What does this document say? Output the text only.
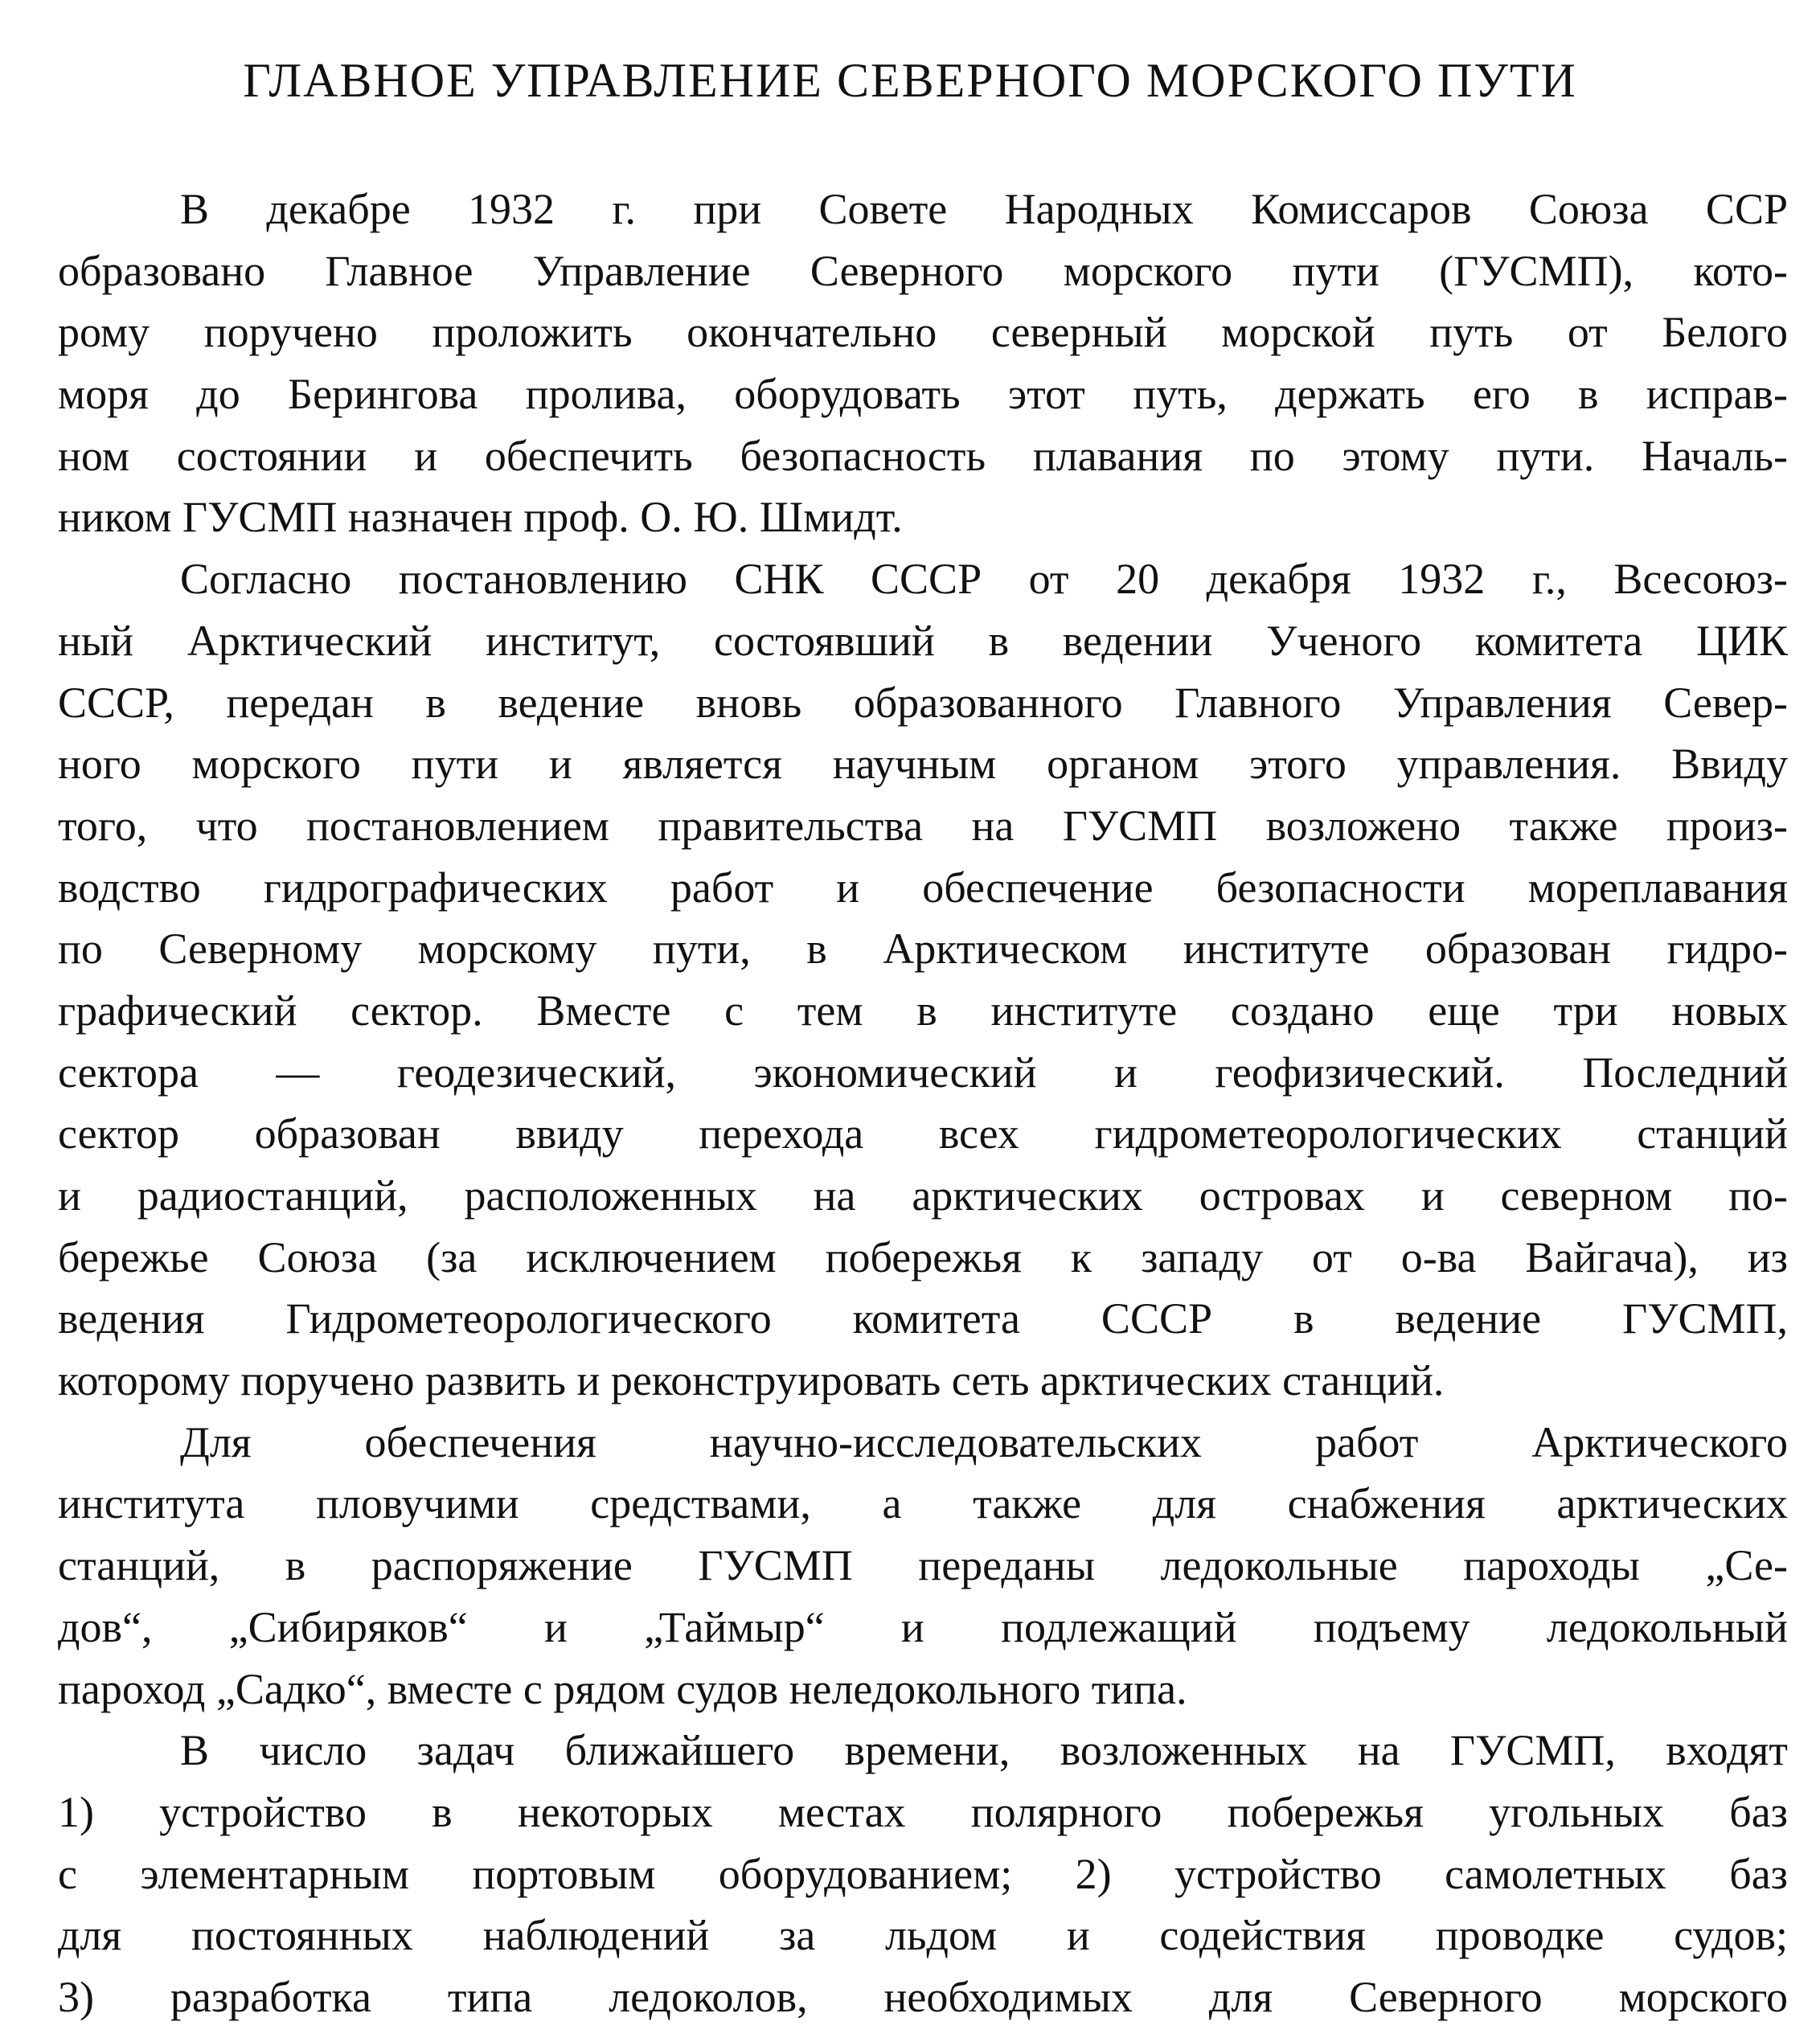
ГЛАВНОЕ УПРАВЛЕНИЕ СЕВЕРНОГО МОРСКОГО ПУТИ
В декабре 1932 г. при Совете Народных Комиссаров Союза ССР
образовано Главное Управление Северного морского пути (ГУСМП), кото-
рому поручено проложить окончательно северный морской путь от Белого
моря до Берингова пролива, оборудовать этот путь, держать его в исправ-
ном состоянии и обеспечить безопасность плавания по этому пути. Началь-
ником ГУСМП назначен проф. О. Ю. Шмидт.
Согласно постановлению СНК СССР от 20 декабря 1932 г., Всесоюз-
ный Арктический институт, состоявший в ведении Ученого комитета ЦИК
СССР, передан в ведение вновь образованного Главного Управления Север-
ного морского пути и является научным органом этого управления. Ввиду
того, что постановлением правительства на ГУСМП возложено также произ-
водство гидрографических работ и обеспечение безопасности мореплавания
по Северному морскому пути, в Арктическом институте образован гидро-
графический сектор. Вместе с тем в институте создано еще три новых
сектора — геодезический, экономический и геофизический. Последний
сектор образован ввиду перехода всех гидрометеорологических станций
и радиостанций, расположенных на арктических островах и северном по-
бережье Союза (за исключением побережья к западу от о-ва Вайгача), из
ведения Гидрометеорологического комитета СССР в ведение ГУСМП,
которому поручено развить и реконструировать сеть арктических станций.
Для обеспечения научно-исследовательских работ Арктического
института пловучими средствами, а также для снабжения арктических
станций, в распоряжение ГУСМП переданы ледокольные пароходы „Се-
дов“, „Сибиряков“ и „Таймыр“ и подлежащий подъему ледокольный
пароход „Садко“, вместе с рядом судов неледокольного типа.
В число задач ближайшего времени, возложенных на ГУСМП, входят
1) устройство в некоторых местах полярного побережья угольных баз
с элементарным портовым оборудованием; 2) устройство самолетных баз
для постоянных наблюдений за льдом и содействия проводке судов;
3) разработка типа ледоколов, необходимых для Северного морского
